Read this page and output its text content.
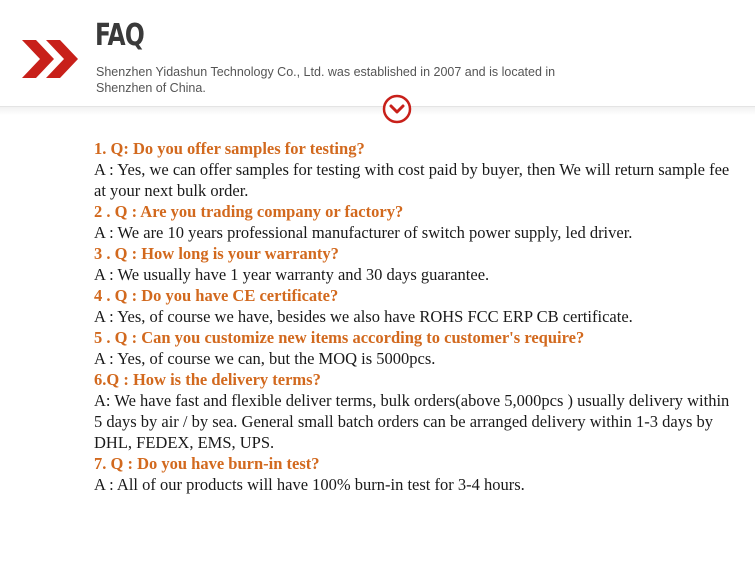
FAQ
Shenzhen Yidashun Technology Co., Ltd. was established in 2007 and is located in Shenzhen of China.
1. Q: Do you offer samples for testing?
A : Yes, we can offer samples for testing with cost paid by buyer, then We will return sample fee at your next bulk order.
2 . Q : Are you trading company or factory?
A : We are 10 years professional manufacturer of switch power supply, led driver.
3 . Q : How long is your warranty?
A : We usually have 1 year warranty and 30 days guarantee.
4 . Q : Do you have CE certificate?
A : Yes, of course we have, besides we also have ROHS FCC ERP CB certificate.
5 . Q : Can you customize new items according to customer's require?
A : Yes, of course we can, but the MOQ is 5000pcs.
6.Q : How is the delivery terms?
A: We have fast and flexible deliver terms, bulk orders(above 5,000pcs ) usually delivery within 5 days by air / by sea. General small batch orders can be arranged delivery within 1-3 days by DHL, FEDEX, EMS, UPS.
7. Q : Do you have burn-in test?
A : All of our products will have 100% burn-in test for 3-4 hours.
